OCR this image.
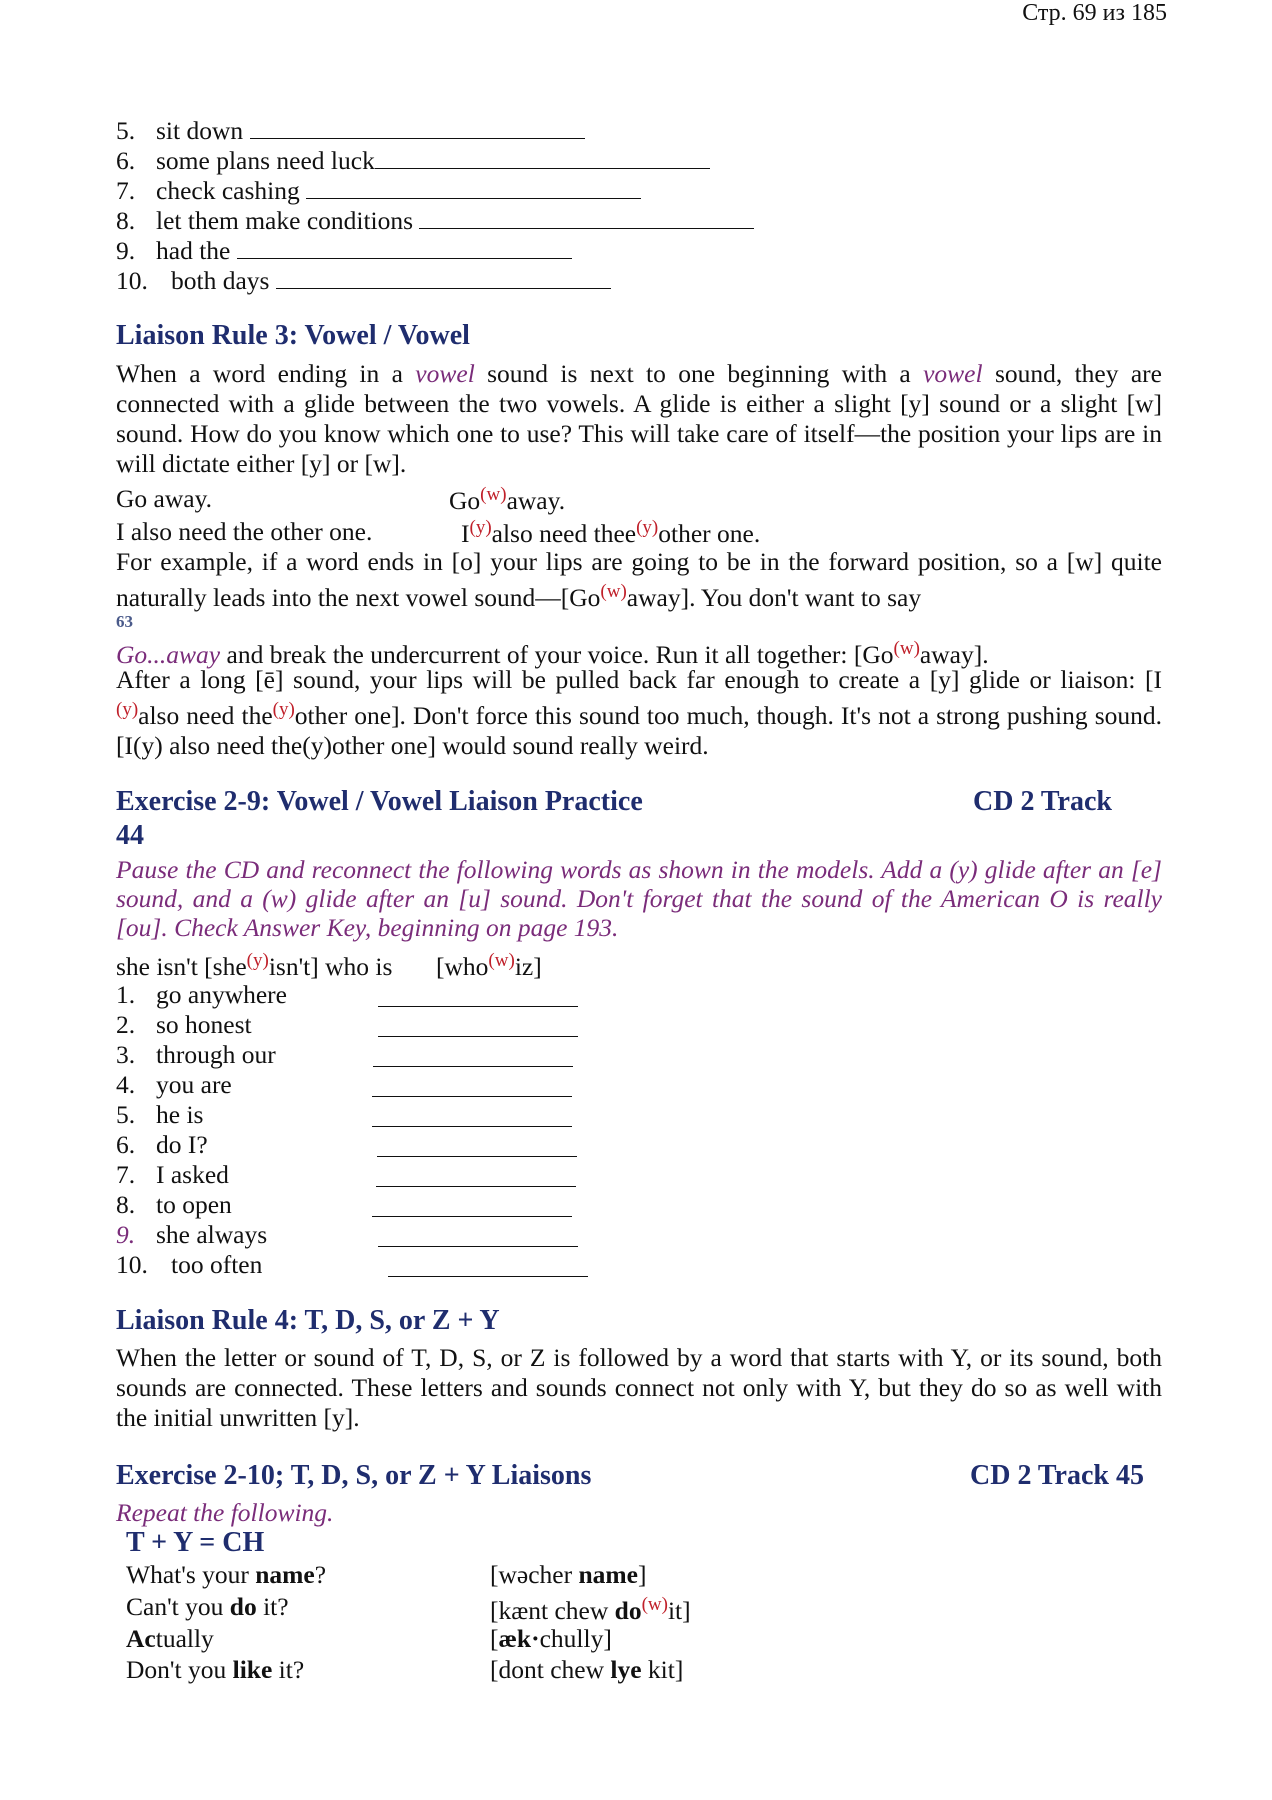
Стр. 69 из 185
5. sit down
6. some plans need luck
7. check cashing
8. let them make conditions
9. had the
10. both days
Liaison Rule 3: Vowel / Vowel

When a word ending in a vowel sound is next to one beginning with a vowel sound, they are connected with a glide between the two vowels. A glide is either a slight [y] sound or a slight [w] sound. How do you know which one to use? This will take care of itself—the position your lips are in will dictate either [y] or [w].

Go away.	Go$^{(w)}$away.
I also need the other one.	$I^{(y)}also$ need thee$^{(y)}$other one.

For example, if a word ends in [o] your lips are going to be in the forward position, so a [w] quite naturally leads into the next vowel sound—[Go$^{(w)}$away]. You don't want to say

63

Go...away and break the undercurrent of your voice. Run it all together: [Go$^{(w)}$away].

After a long [ē] sound, your lips will be pulled back far enough to create a [y] glide or liaison: [I $^{(y)}$also need the$^{(y)}$other one]. Don't force this sound too much, though. It's not a strong pushing sound. [I(y) also need the(y)other one] would sound really weird.

Exercise 2-9: Vowel / Vowel Liaison Practice	CD 2 Track
44

Pause the CD and reconnect the following words as shown in the models. Add a (y) glide after an [e] sound, and a (w) glide after an [u] sound. Don't forget that the sound of the American O is really [ou]. Check Answer Key, beginning on page 193.

she isn't [she$^{(y)}$isn't] who is [who$^{(w)}$iz]
1. go anywhere
2. so honest
3. through our
4. you are
5. he is
6. do I?
7. I asked
8. to open
9. she always
10. too often
Liaison Rule 4: T, D, S, or Z + Y

When the letter or sound of T, D, S, or Z is followed by a word that starts with Y, or its sound, both sounds are connected. These letters and sounds connect not only with Y, but they do so as well with the initial unwritten [y].

Exercise 2-10; T, D, S, or Z + Y Liaisons	CD 2 Track 45
Repeat the following.
T + Y = CH
What's your name?	[wəcher name]
Can't you do it?	[kænt chew $do^{(w)}it$]
Actually	[æk·chully]
Don't you like it?	[dont chew lye kit]
